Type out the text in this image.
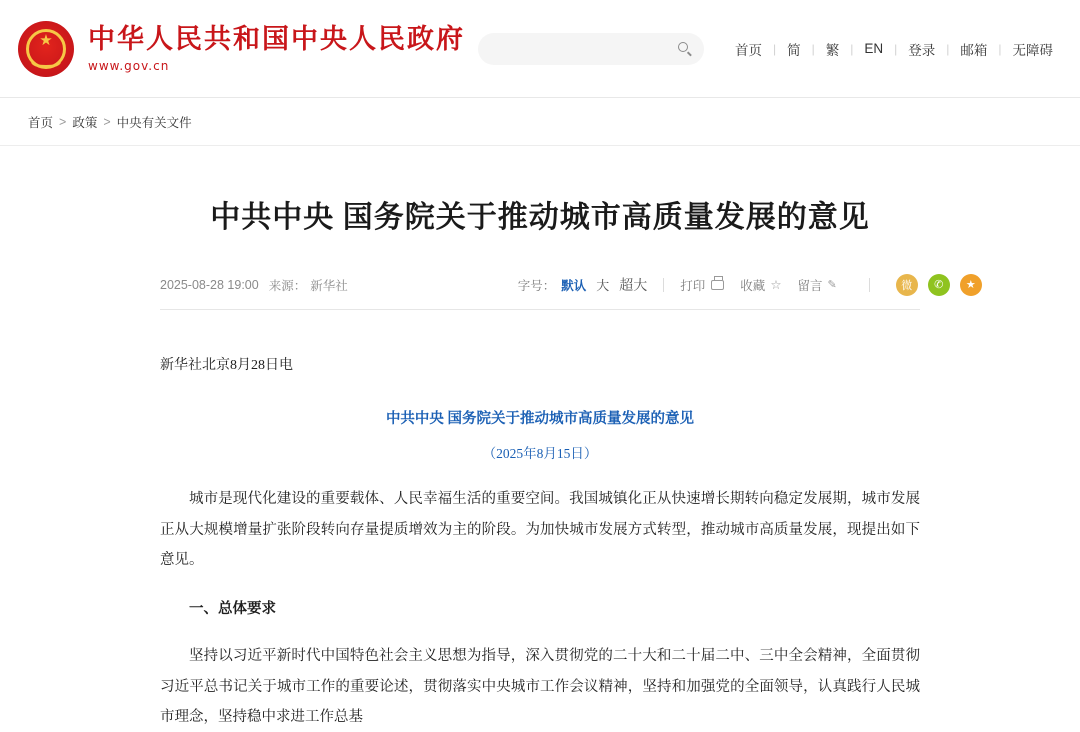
★ 中华人民共和国中央人民政府
www.gov.cn
首页 | 简 | 繁 | EN | 登录 | 邮箱 | 无障碍
首页 > 政策 > 中央有关文件
中共中央 国务院关于推动城市高质量发展的意见
2025-08-28 19:00 来源： 新华社	字号： 默认 大 超大	打印	收藏 ☆ 留言 ✎	微	✆	★
新华社北京8月28日电
中共中央 国务院关于推动城市高质量发展的意见
（2025年8月15日）
城市是现代化建设的重要载体、人民幸福生活的重要空间。我国城镇化正从快速增长期转向稳定发展期，城市发展正从大规模增量扩张阶段转向存量提质增效为主的阶段。为加快城市发展方式转型，推动城市高质量发展，现提出如下意见。
一、总体要求
坚持以习近平新时代中国特色社会主义思想为指导，深入贯彻党的二十大和二十届二中、三中全会精神，全面贯彻习近平总书记关于城市工作的重要论述，贯彻落实中央城市工作会议精神，坚持和加强党的全面领导，认真践行人民城市理念，坚持稳中求进工作总基
